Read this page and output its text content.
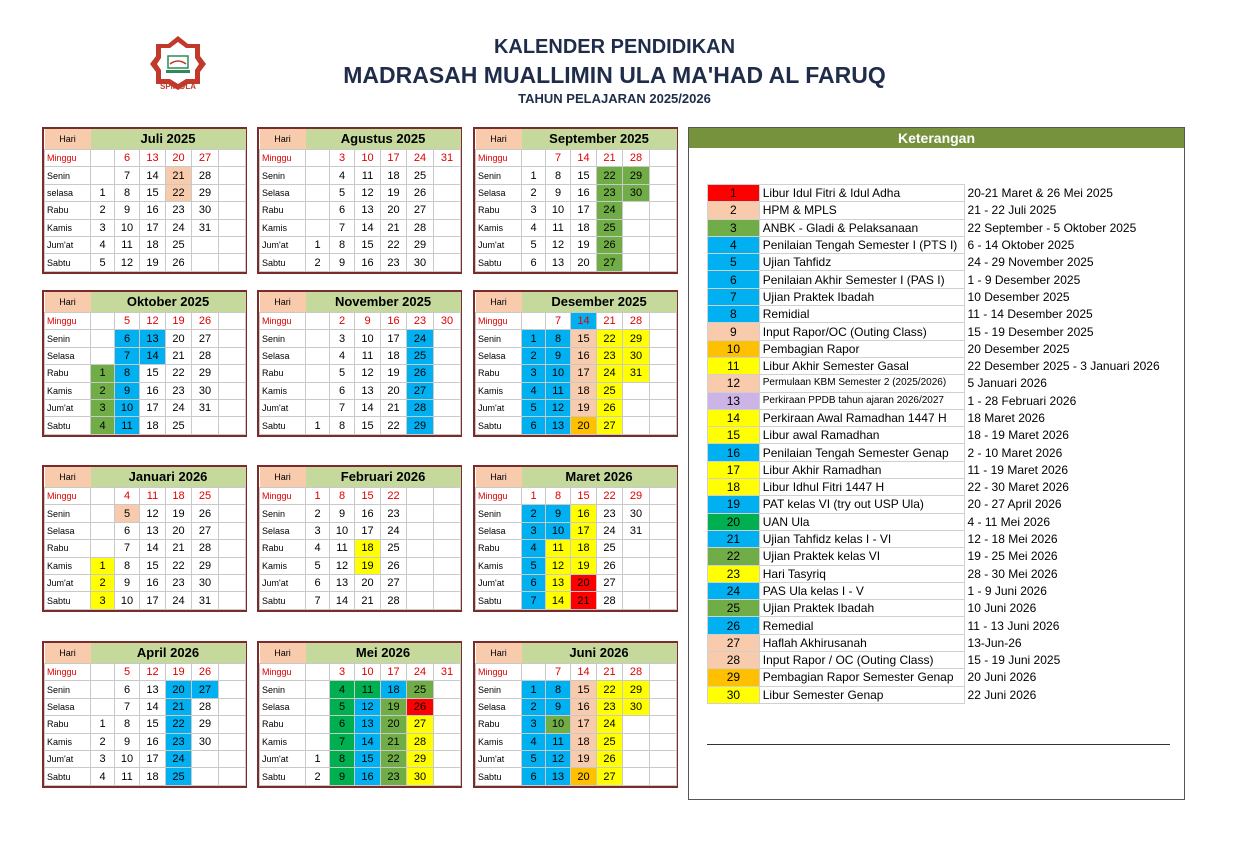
SPM ULA
KALENDER PENDIDIKAN
MADRASAH MUALLIMIN ULA MA'HAD AL FARUQ
TAHUN PELAJARAN 2025/2026
Hari	Juli 2025					
Minggu		6	13	20	27	
Senin		7	14	21	28	
selasa	1	8	15	22	29	
Rabu	2	9	16	23	30	
Kamis	3	10	17	24	31	
Jum'at	4	11	18	25		
Sabtu	5	12	19	26		
Hari	Agustus 2025					
Minggu		3	10	17	24	31
Senin		4	11	18	25	
Selasa		5	12	19	26	
Rabu		6	13	20	27	
Kamis		7	14	21	28	
Jum'at	1	8	15	22	29	
Sabtu	2	9	16	23	30	
Hari	September 2025					
Minggu		7	14	21	28	
Senin	1	8	15	22	29	
Selasa	2	9	16	23	30	
Rabu	3	10	17	24		
Kamis	4	11	18	25		
Jum'at	5	12	19	26		
Sabtu	6	13	20	27		
Hari	Oktober 2025					
Minggu		5	12	19	26	
Senin		6	13	20	27	
Selasa		7	14	21	28	
Rabu	1	8	15	22	29	
Kamis	2	9	16	23	30	
Jum'at	3	10	17	24	31	
Sabtu	4	11	18	25		
Hari	November 2025					
Minggu		2	9	16	23	30
Senin		3	10	17	24	
Selasa		4	11	18	25	
Rabu		5	12	19	26	
Kamis		6	13	20	27	
Jum'at		7	14	21	28	
Sabtu	1	8	15	22	29	
Hari	Desember 2025					
Minggu		7	14	21	28	
Senin	1	8	15	22	29	
Selasa	2	9	16	23	30	
Rabu	3	10	17	24	31	
Kamis	4	11	18	25		
Jum'at	5	12	19	26		
Sabtu	6	13	20	27		
Hari	Januari 2026					
Minggu		4	11	18	25	
Senin		5	12	19	26	
Selasa		6	13	20	27	
Rabu		7	14	21	28	
Kamis	1	8	15	22	29	
Jum'at	2	9	16	23	30	
Sabtu	3	10	17	24	31	
Hari	Februari 2026					
Minggu	1	8	15	22		
Senin	2	9	16	23		
Selasa	3	10	17	24		
Rabu	4	11	18	25		
Kamis	5	12	19	26		
Jum'at	6	13	20	27		
Sabtu	7	14	21	28		
Hari	Maret 2026					
Minggu	1	8	15	22	29	
Senin	2	9	16	23	30	
Selasa	3	10	17	24	31	
Rabu	4	11	18	25		
Kamis	5	12	19	26		
Jum'at	6	13	20	27		
Sabtu	7	14	21	28		
Hari	April 2026					
Minggu		5	12	19	26	
Senin		6	13	20	27	
Selasa		7	14	21	28	
Rabu	1	8	15	22	29	
Kamis	2	9	16	23	30	
Jum'at	3	10	17	24		
Sabtu	4	11	18	25		
Hari	Mei 2026					
Minggu		3	10	17	24	31
Senin		4	11	18	25	
Selasa		5	12	19	26	
Rabu		6	13	20	27	
Kamis		7	14	21	28	
Jum'at	1	8	15	22	29	
Sabtu	2	9	16	23	30	
Hari	Juni 2026					
Minggu		7	14	21	28	
Senin	1	8	15	22	29	
Selasa	2	9	16	23	30	
Rabu	3	10	17	24		
Kamis	4	11	18	25		
Jum'at	5	12	19	26		
Sabtu	6	13	20	27		
Keterangan
1	Libur Idul Fitri & Idul Adha	20-21 Maret & 26 Mei 2025
2	HPM & MPLS	21 - 22 Juli 2025
3	ANBK - Gladi & Pelaksanaan	22 September - 5 Oktober 2025
4	Penilaian Tengah Semester I (PTS I)	6 - 14 Oktober 2025
5	Ujian Tahfidz	24 - 29 November 2025
6	Penilaian Akhir Semester I (PAS I)	1 - 9 Desember 2025
7	Ujian Praktek Ibadah	10 Desember 2025
8	Remidial	11 - 14 Desember 2025
9	Input Rapor/OC (Outing Class)	15 - 19 Desember 2025
10	Pembagian Rapor	20 Desember 2025
11	Libur Akhir Semester Gasal	22 Desember 2025 - 3 Januari 2026
12	Permulaan KBM Semester 2 (2025/2026)	5 Januari 2026
13	Perkiraan PPDB tahun ajaran 2026/2027	1 - 28 Februari 2026
14	Perkiraan Awal Ramadhan 1447 H	18 Maret 2026
15	Libur awal Ramadhan	18 - 19 Maret 2026
16	Penilaian Tengah Semester Genap	2 - 10 Maret 2026
17	Libur Akhir Ramadhan	11 - 19 Maret 2026
18	Libur Idhul Fitri 1447 H	22 - 30 Maret 2026
19	PAT kelas VI (try out USP Ula)	20 - 27 April 2026
20	UAN Ula	4 - 11 Mei 2026
21	Ujian Tahfidz kelas I - VI	12 - 18 Mei 2026
22	Ujian Praktek kelas VI	19 - 25 Mei 2026
23	Hari Tasyriq	28 - 30 Mei 2026
24	PAS Ula kelas I - V	1 - 9 Juni 2026
25	Ujian Praktek Ibadah	10 Juni 2026
26	Remedial	11 - 13 Juni 2026
27	Haflah Akhirusanah	13-Jun-26
28	Input Rapor / OC (Outing Class)	15 - 19 Juni 2025
29	Pembagian Rapor Semester Genap	20 Juni 2026
30	Libur Semester Genap	22 Juni 2026
